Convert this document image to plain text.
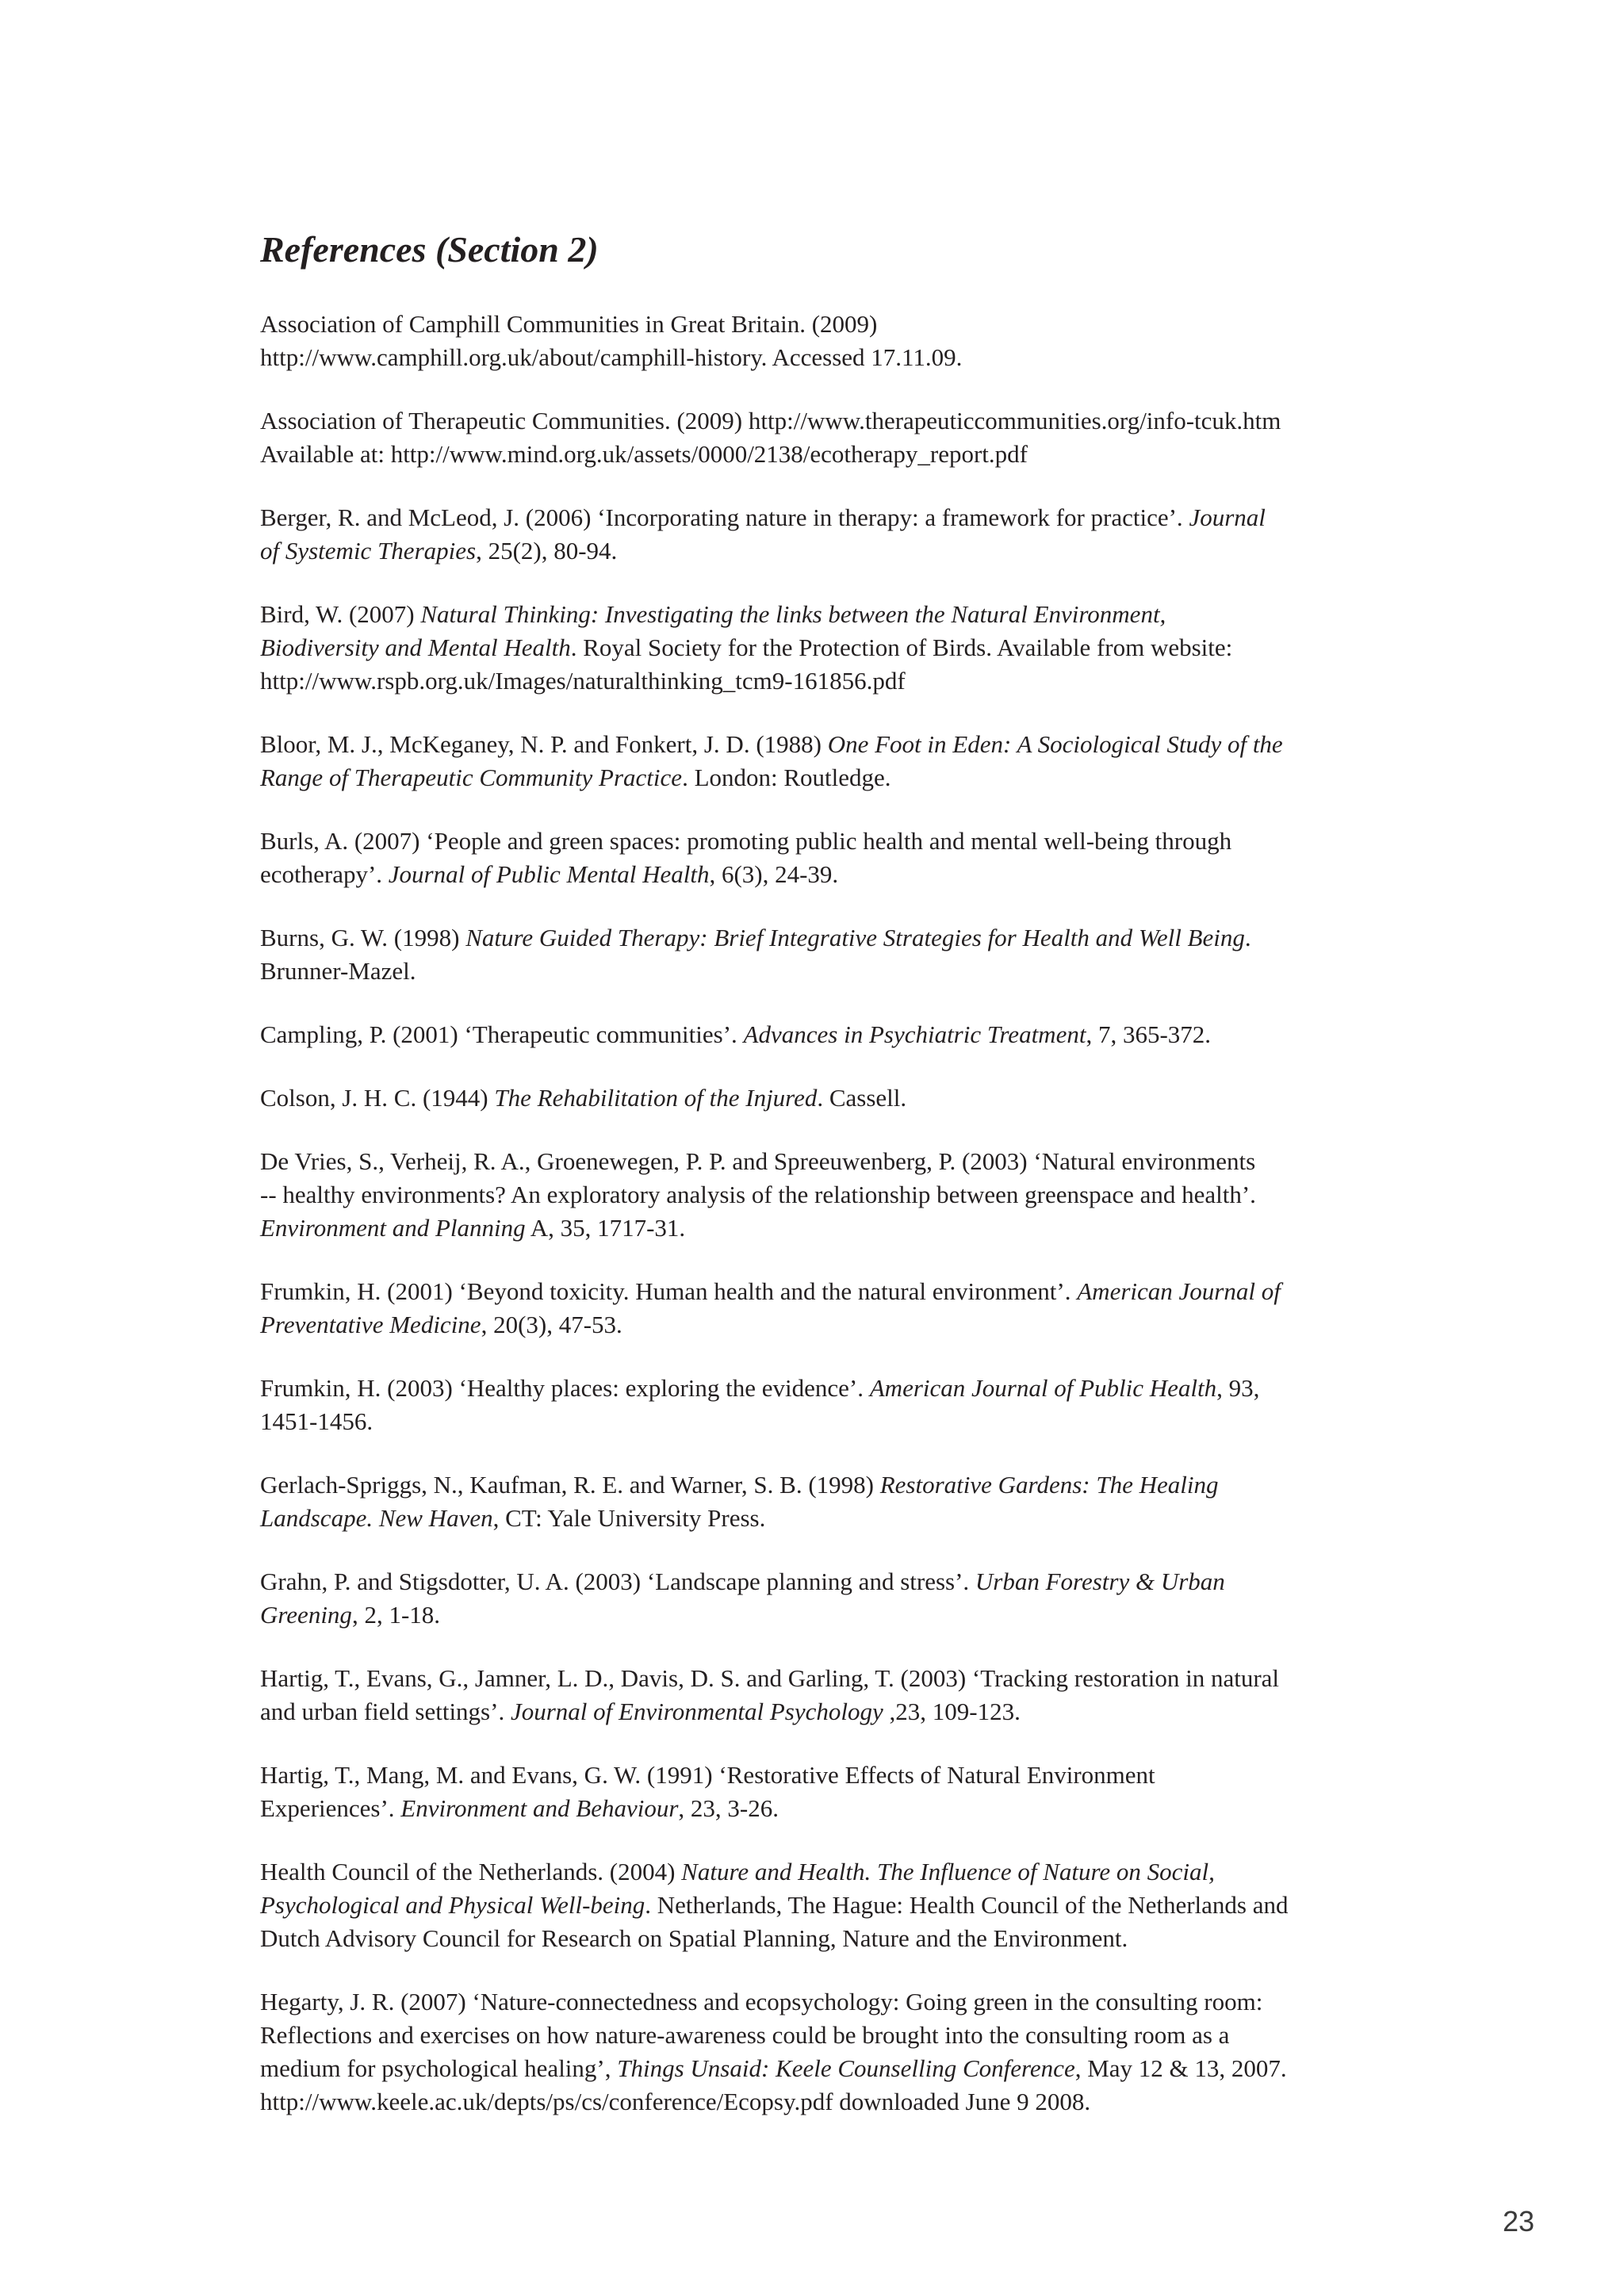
References (Section 2)
Association of Camphill Communities in Great Britain. (2009)
http://www.camphill.org.uk/about/camphill-history. Accessed 17.11.09.
Association of Therapeutic Communities. (2009) http://www.therapeuticcommunities.org/info-tcuk.htm
Available at: http://www.mind.org.uk/assets/0000/2138/ecotherapy_report.pdf
Berger, R. and McLeod, J. (2006) ‘Incorporating nature in therapy: a framework for practice’. Journal
of Systemic Therapies, 25(2), 80-94.
Bird, W. (2007) Natural Thinking: Investigating the links between the Natural Environment,
Biodiversity and Mental Health. Royal Society for the Protection of Birds. Available from website:
http://www.rspb.org.uk/Images/naturalthinking_tcm9-161856.pdf
Bloor, M. J., McKeganey, N. P. and Fonkert, J. D. (1988) One Foot in Eden: A Sociological Study of the
Range of Therapeutic Community Practice. London: Routledge.
Burls, A. (2007) ‘People and green spaces: promoting public health and mental well-being through
ecotherapy’. Journal of Public Mental Health, 6(3), 24-39.
Burns, G. W. (1998) Nature Guided Therapy: Brief Integrative Strategies for Health and Well Being.
Brunner-Mazel.
Campling, P. (2001) ‘Therapeutic communities’. Advances in Psychiatric Treatment, 7, 365-372.
Colson, J. H. C. (1944) The Rehabilitation of the Injured. Cassell.
De Vries, S., Verheij, R. A., Groenewegen, P. P. and Spreeuwenberg, P. (2003) ‘Natural environments
-- healthy environments? An exploratory analysis of the relationship between greenspace and health’.
Environment and Planning A, 35, 1717-31.
Frumkin, H. (2001) ‘Beyond toxicity. Human health and the natural environment’. American Journal of
Preventative Medicine, 20(3), 47-53.
Frumkin, H. (2003) ‘Healthy places: exploring the evidence’. American Journal of Public Health, 93,
1451-1456.
Gerlach-Spriggs, N., Kaufman, R. E. and Warner, S. B. (1998) Restorative Gardens: The Healing
Landscape. New Haven, CT: Yale University Press.
Grahn, P. and Stigsdotter, U. A. (2003) ‘Landscape planning and stress’. Urban Forestry & Urban
Greening, 2, 1-18.
Hartig, T., Evans, G., Jamner, L. D., Davis, D. S. and Garling, T. (2003) ‘Tracking restoration in natural
and urban field settings’. Journal of Environmental Psychology ,23, 109-123.
Hartig, T., Mang, M. and Evans, G. W. (1991) ‘Restorative Effects of Natural Environment
Experiences’. Environment and Behaviour, 23, 3-26.
Health Council of the Netherlands. (2004) Nature and Health. The Influence of Nature on Social,
Psychological and Physical Well-being. Netherlands, The Hague: Health Council of the Netherlands and
Dutch Advisory Council for Research on Spatial Planning, Nature and the Environment.
Hegarty, J. R. (2007) ‘Nature-connectedness and ecopsychology: Going green in the consulting room:
Reflections and exercises on how nature-awareness could be brought into the consulting room as a
medium for psychological healing’, Things Unsaid: Keele Counselling Conference, May 12 & 13, 2007.
http://www.keele.ac.uk/depts/ps/cs/conference/Ecopsy.pdf downloaded June 9 2008.
23
